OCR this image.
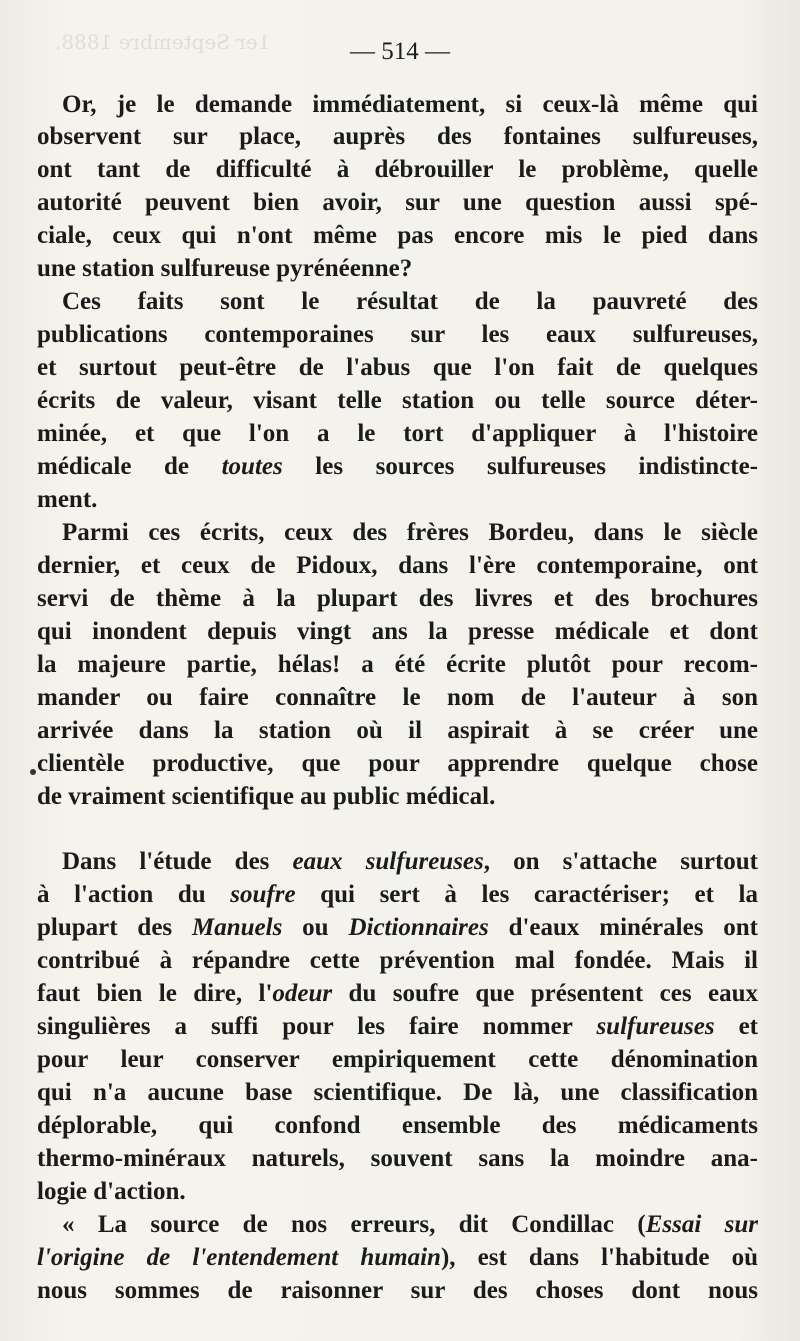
1er Septembre 1888.	— 514 —
Or, je le demande immédiatement, si ceux-là même qui
observent sur place, auprès des fontaines sulfureuses,
ont tant de difficulté à débrouiller le problème, quelle
autorité peuvent bien avoir, sur une question aussi spé-
ciale, ceux qui n'ont même pas encore mis le pied dans
une station sulfureuse pyrénéenne?
Ces faits sont le résultat de la pauvreté des
publications contemporaines sur les eaux sulfureuses,
et surtout peut-être de l'abus que l'on fait de quelques
écrits de valeur, visant telle station ou telle source déter-
minée, et que l'on a le tort d'appliquer à l'histoire
médicale de toutes les sources sulfureuses indistincte-
ment.
Parmi ces écrits, ceux des frères Bordeu, dans le siècle
dernier, et ceux de Pidoux, dans l'ère contemporaine, ont
servi de thème à la plupart des livres et des brochures
qui inondent depuis vingt ans la presse médicale et dont
la majeure partie, hélas! a été écrite plutôt pour recom-
mander ou faire connaître le nom de l'auteur à son
arrivée dans la station où il aspirait à se créer une
clientèle productive, que pour apprendre quelque chose
de vraiment scientifique au public médical.
Dans l'étude des eaux sulfureuses, on s'attache surtout
à l'action du soufre qui sert à les caractériser; et la
plupart des Manuels ou Dictionnaires d'eaux minérales ont
contribué à répandre cette prévention mal fondée. Mais il
faut bien le dire, l'odeur du soufre que présentent ces eaux
singulières a suffi pour les faire nommer sulfureuses et
pour leur conserver empiriquement cette dénomination
qui n'a aucune base scientifique. De là, une classification
déplorable, qui confond ensemble des médicaments
thermo-minéraux naturels, souvent sans la moindre ana-
logie d'action.
« La source de nos erreurs, dit Condillac (Essai sur
l'origine de l'entendement humain), est dans l'habitude où
nous sommes de raisonner sur des choses dont nous
